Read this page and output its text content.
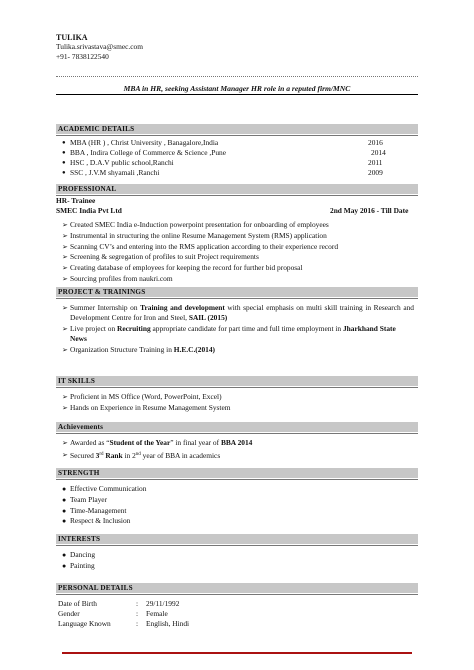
TULIKA
Tulika.srivastava@smec.com
+91- 7838122540
MBA in HR, seeking Assistant Manager HR role in a reputed firm/MNC
ACADEMIC DETAILS
● MBA (HR ) , Christ University , Banagalore,India	2016
● BBA , Indira College of Commerce & Science ,Pune	2014
● HSC , D.A.V public school,Ranchi	2011
● SSC , J.V.M shyamali ,Ranchi	2009
PROFESSIONAL
HR- Trainee
SMEC India Pvt Ltd	2nd May 2016 - Till Date
➢ Created SMEC India e-Induction powerpoint presentation for onboarding of employees
➢ Instrumental in structuring the online Resume Management System (RMS) application
➢ Scanning CV’s and entering into the RMS application according to their experience record
➢ Screening & segregation of profiles to suit Project requirements
➢ Creating database of employees for keeping the record for further bid proposal
➢ Sourcing profiles from naukri.com
PROJECT & TRAININGS
➢ Summer Internship on Training and development with special emphasis on multi skill training in Research and Development Centre for Iron and Steel, SAIL (2015)
➢ Live project on Recruiting appropriate candidate for part time and full time employment in Jharkhand State News
➢ Organization Structure Training in H.E.C.(2014)
IT SKILLS
➢ Proficient in MS Office (Word, PowerPoint, Excel)
➢ Hands on Experience in Resume Management System
Achievements
➢ Awarded as “Student of the Year” in final year of BBA 2014
➢ Secured 3rd Rank in 2nd year of BBA in academics
STRENGTH
● Effective Communication
● Team Player
● Time-Management
● Respect & Inclusion
INTERESTS
● Dancing
● Painting
PERSONAL DETAILS
Date of Birth	: 29/11/1992
Gender	: Female
Language Known	: English, Hindi
